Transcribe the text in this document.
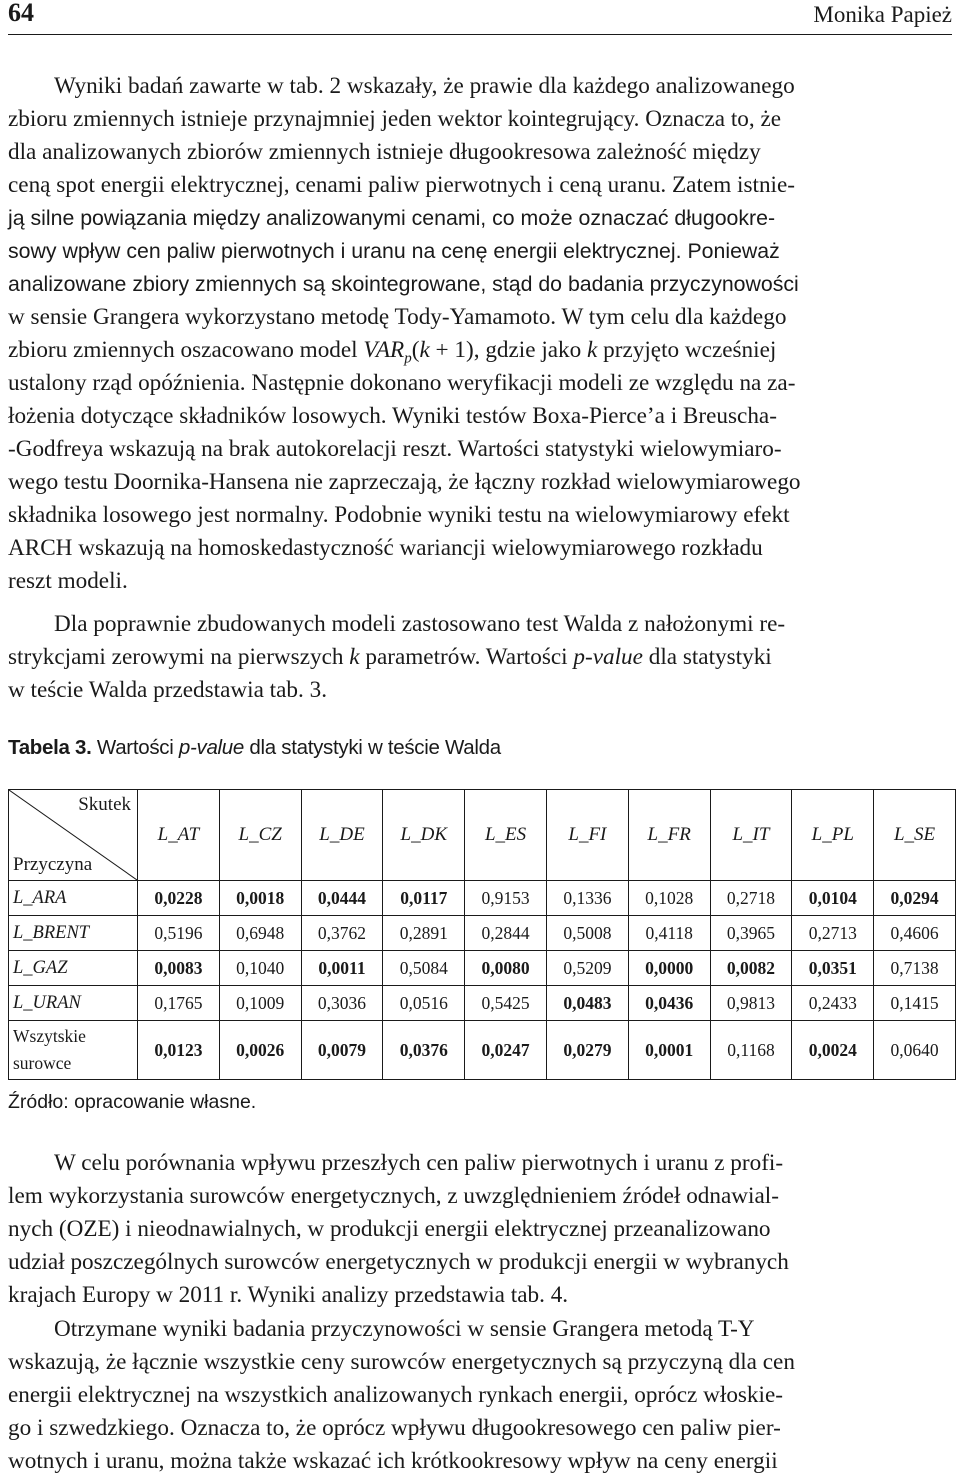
64	Monika Papież
Wyniki badań zawarte w tab. 2 wskazały, że prawie dla każdego analizowanego
zbioru zmiennych istnieje przynajmniej jeden wektor kointegrujący. Oznacza to, że
dla analizowanych zbiorów zmiennych istnieje długookresowa zależność między
ceną spot energii elektrycznej, cenami paliw pierwotnych i ceną uranu. Zatem istnie-
ją silne powiązania między analizowanymi cenami, co może oznaczać długookre-
sowy wpływ cen paliw pierwotnych i uranu na cenę energii elektrycznej. Ponieważ
analizowane zbiory zmiennych są skointegrowane, stąd do badania przyczynowości
w sensie Grangera wykorzystano metodę Tody-Yamamoto. W tym celu dla każdego
zbioru zmiennych oszacowano model $VAR_p(k + 1)$, gdzie jako k przyjęto wcześniej
ustalony rząd opóźnienia. Następnie dokonano weryfikacji modeli ze względu na za-
łożenia dotyczące składników losowych. Wyniki testów Boxa-Pierce’a i Breuscha-
-Godfreya wskazują na brak autokorelacji reszt. Wartości statystyki wielowymiaro-
wego testu Doornika-Hansena nie zaprzeczają, że łączny rozkład wielowymiarowego
składnika losowego jest normalny. Podobnie wyniki testu na wielowymiarowy efekt
ARCH wskazują na homoskedastyczność wariancji wielowymiarowego rozkładu
reszt modeli.
Dla poprawnie zbudowanych modeli zastosowano test Walda z nałożonymi re-
strykcjami zerowymi na pierwszych k parametrów. Wartości p-value dla statystyki
w teście Walda przedstawia tab. 3.
Tabela 3. Wartości p-value dla statystyki w teście Walda
Skutek
Przyczyna	L_AT	L_CZ	L_DE	L_DK	L_ES	L_FI	L_FR	L_IT	L_PL	L_SE
L_ARA	0,0228	0,0018	0,0444	0,0117	0,9153	0,1336	0,1028	0,2718	0,0104	0,0294
L_BRENT	0,5196	0,6948	0,3762	0,2891	0,2844	0,5008	0,4118	0,3965	0,2713	0,4606
L_GAZ	0,0083	0,1040	0,0011	0,5084	0,0080	0,5209	0,0000	0,0082	0,0351	0,7138
L_URAN	0,1765	0,1009	0,3036	0,0516	0,5425	0,0483	0,0436	0,9813	0,2433	0,1415
Wszytskie surowce	0,0123	0,0026	0,0079	0,0376	0,0247	0,0279	0,0001	0,1168	0,0024	0,0640
Źródło: opracowanie własne.
W celu porównania wpływu przeszłych cen paliw pierwotnych i uranu z profi-
lem wykorzystania surowców energetycznych, z uwzględnieniem źródeł odnawial-
nych (OZE) i nieodnawialnych, w produkcji energii elektrycznej przeanalizowano
udział poszczególnych surowców energetycznych w produkcji energii w wybranych
krajach Europy w 2011 r. Wyniki analizy przedstawia tab. 4.
Otrzymane wyniki badania przyczynowości w sensie Grangera metodą T-Y
wskazują, że łącznie wszystkie ceny surowców energetycznych są przyczyną dla cen
energii elektrycznej na wszystkich analizowanych rynkach energii, oprócz włoskie-
go i szwedzkiego. Oznacza to, że oprócz wpływu długookresowego cen paliw pier-
wotnych i uranu, można także wskazać ich krótkookresowy wpływ na ceny energii
